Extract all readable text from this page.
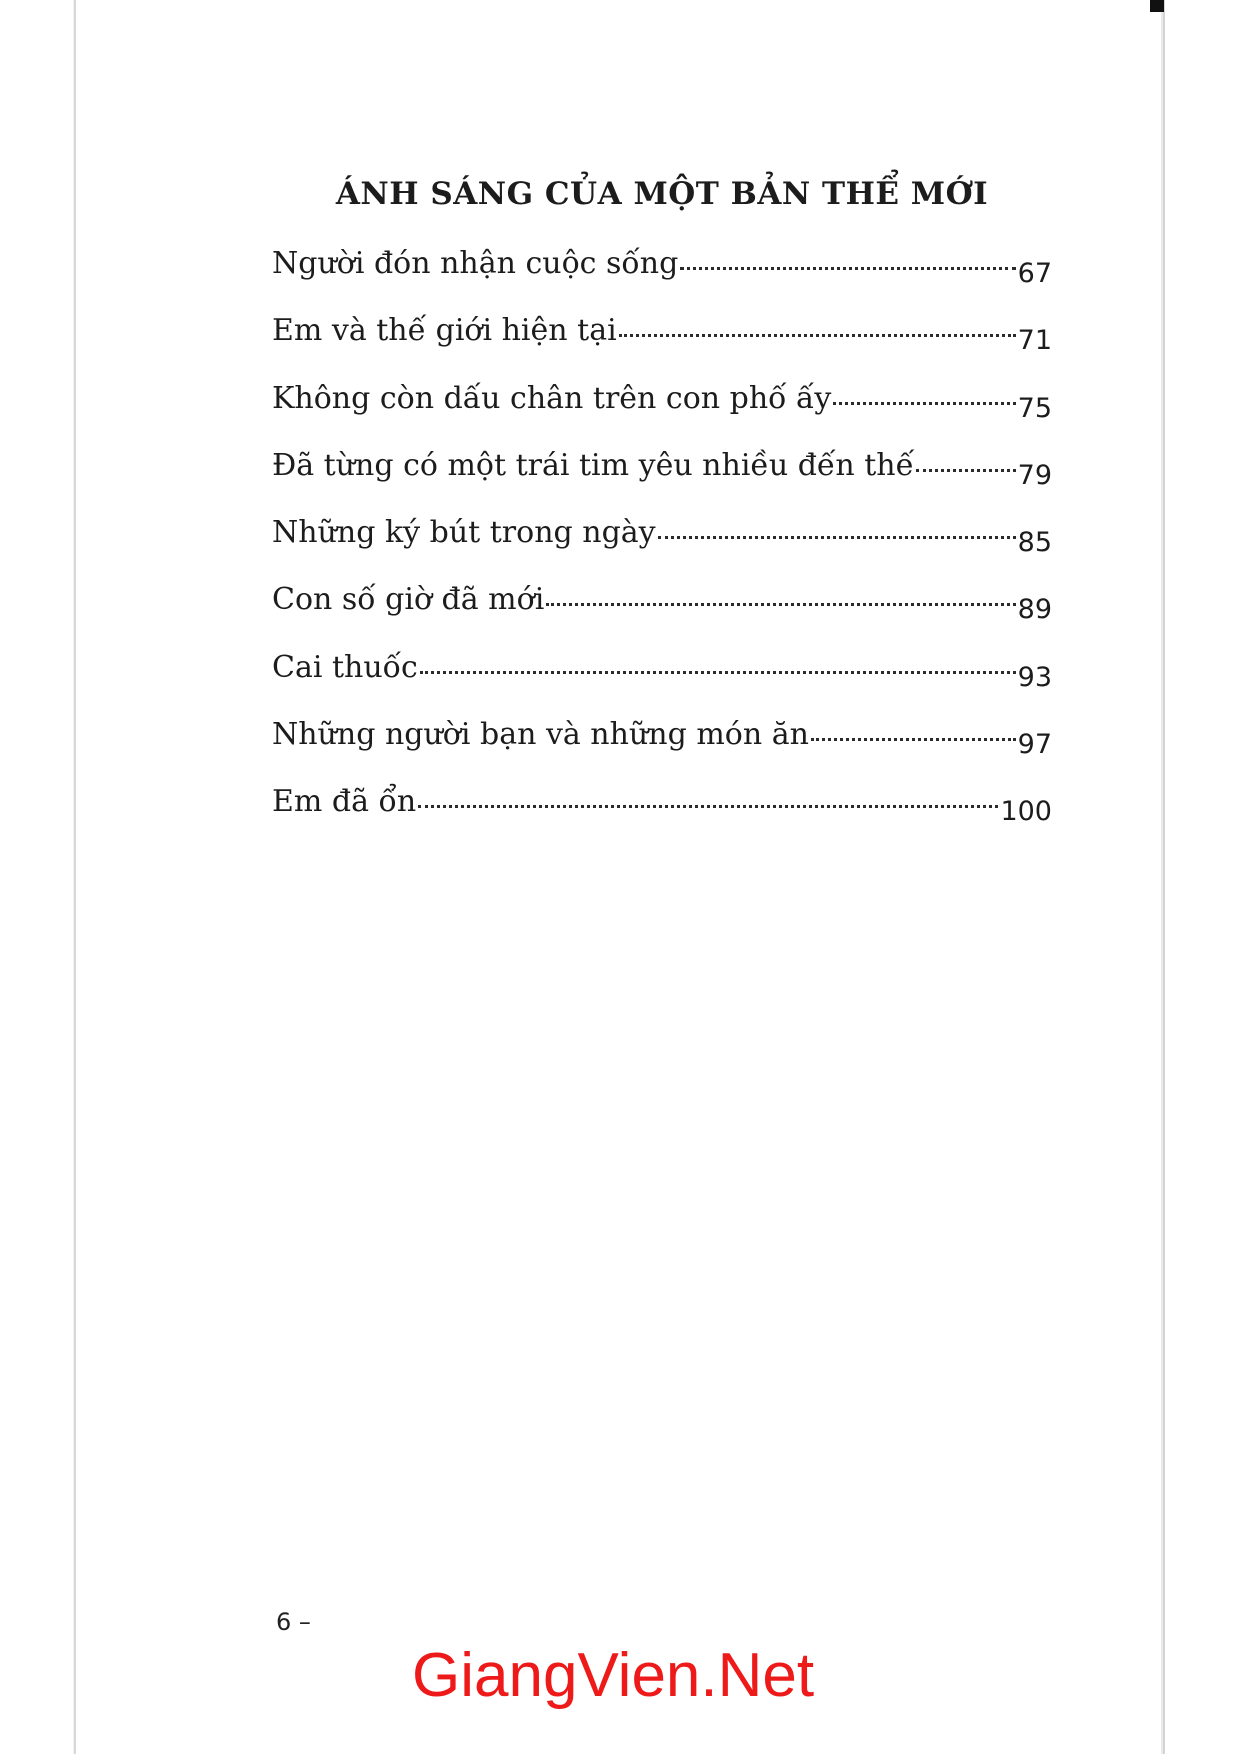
ÁNH SÁNG CỦA MỘT BẢN THỂ MỚI
Người đón nhận cuộc sống	67
Em và thế giới hiện tại	71
Không còn dấu chân trên con phố ấy	75
Đã từng có một trái tim yêu nhiều đến thế	79
Những ký bút trong ngày	85
Con số giờ đã mới	89
Cai thuốc	93
Những người bạn và những món ăn	97
Em đã ổn	100
6 –
GiangVien.Net
